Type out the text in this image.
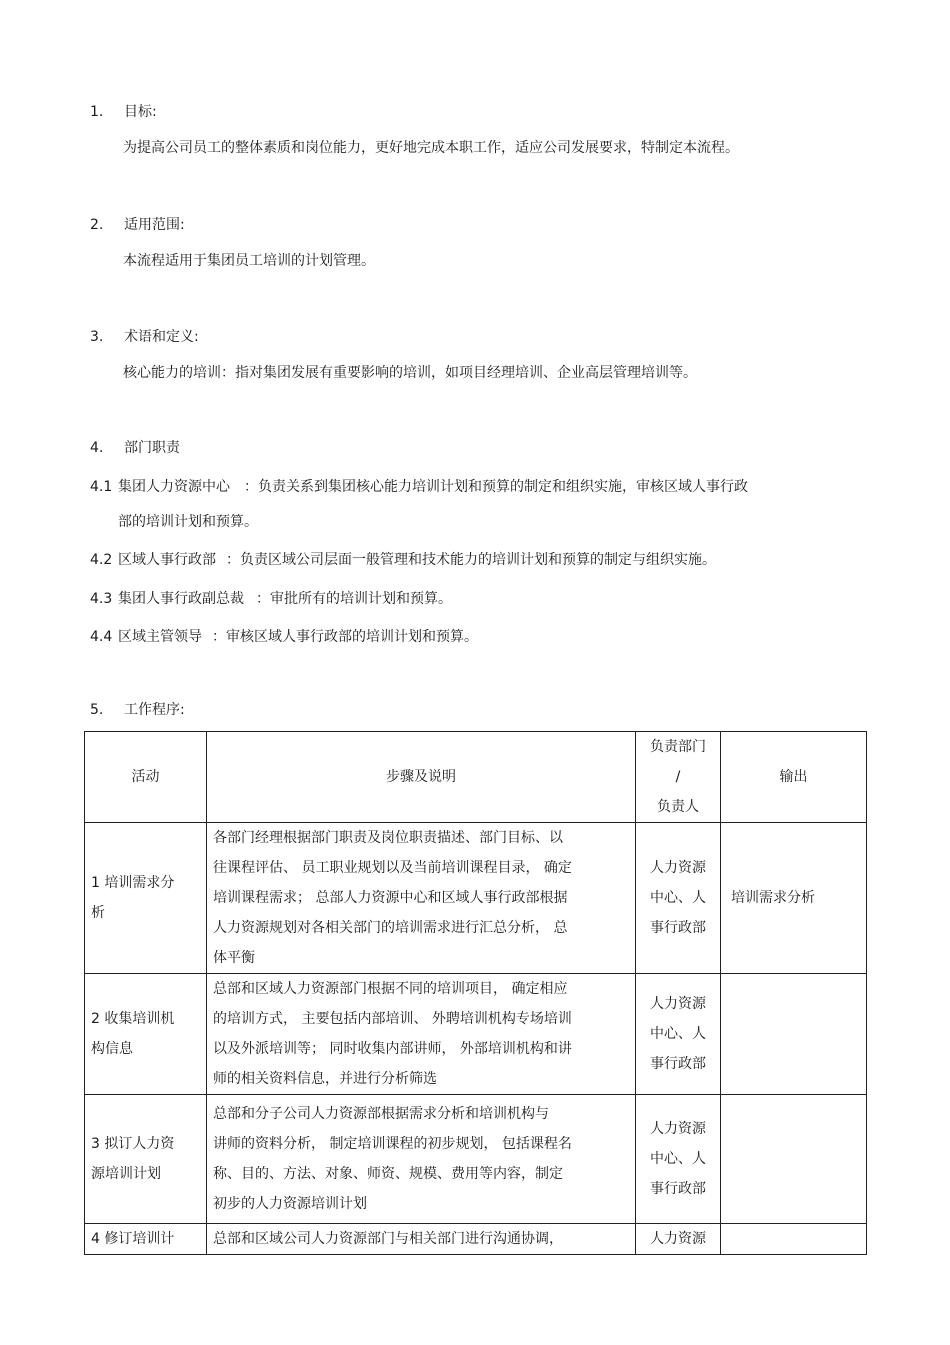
1. 目标:
为提高公司员工的整体素质和岗位能力，更好地完成本职工作，适应公司发展要求，特制定本流程。
2. 适用范围:
本流程适用于集团员工培训的计划管理。
3. 术语和定义:
核心能力的培训：指对集团发展有重要影响的培训，如项目经理培训、企业高层管理培训等。
4. 部门职责
4.1 集团人力资源中心 ：负责关系到集团核心能力培训计划和预算的制定和组织实施，审核区域人事行政
部的培训计划和预算。
4.2 区域人事行政部 ：负责区域公司层面一般管理和技术能力的培训计划和预算的制定与组织实施。
4.3 集团人事行政副总裁 ：审批所有的培训计划和预算。
4.4 区域主管领导 ：审核区域人事行政部的培训计划和预算。
5. 工作程序:
活动	步骤及说明	负责部门
/
负责人	输出

1 培训需求分
析	各部门经理根据部门职责及岗位职责描述、部门目标、以
往课程评估、 员工职业规划以及当前培训课程目录， 确定
培训课程需求； 总部人力资源中心和区域人事行政部根据
人力资源规划对各相关部门的培训需求进行汇总分析， 总
体平衡	人力资源
中心、人
事行政部	培训需求分析

2 收集培训机
构信息	总部和区域人力资源部门根据不同的培训项目， 确定相应
的培训方式， 主要包括内部培训、 外聘培训机构专场培训
以及外派培训等； 同时收集内部讲师， 外部培训机构和讲
师的相关资料信息，并进行分析筛选	人力资源
中心、人
事行政部	

3 拟订人力资
源培训计划	总部和分子公司人力资源部根据需求分析和培训机构与
讲师的资料分析， 制定培训课程的初步规划， 包括课程名
称、目的、方法、对象、师资、规模、费用等内容，制定
初步的人力资源培训计划	人力资源
中心、人
事行政部	

4 修订培训计	总部和区域公司人力资源部门与相关部门进行沟通协调，	人力资源	
